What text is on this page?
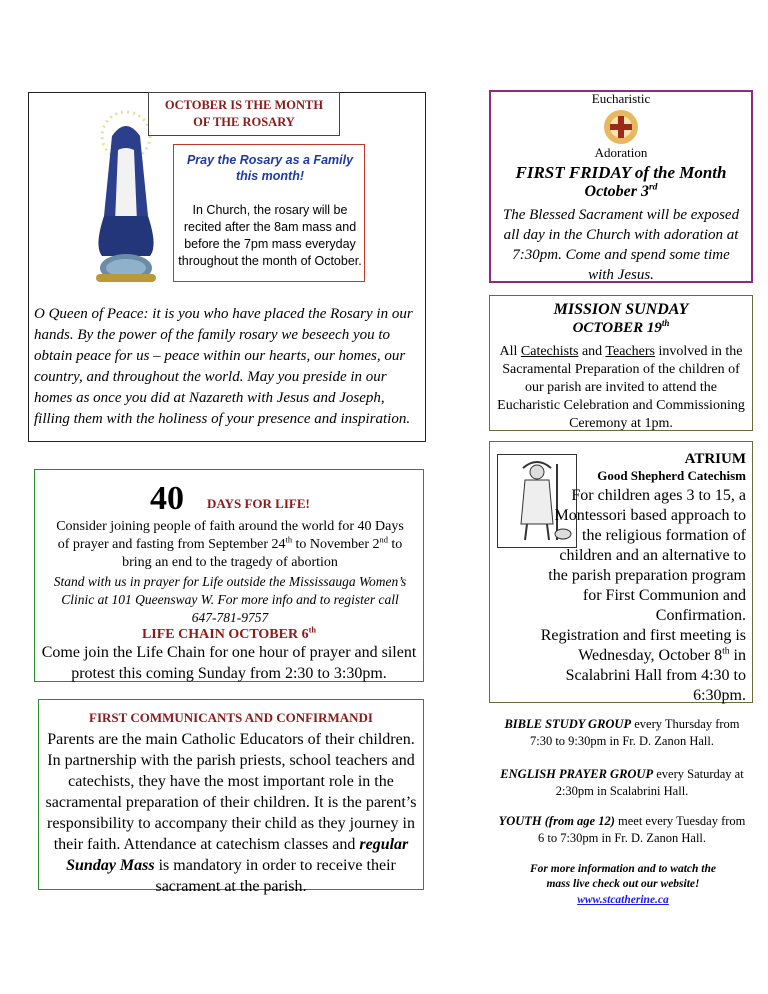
OCTOBER IS THE MONTH
OF THE ROSARY
Pray the Rosary as a Family this month!
In Church, the rosary will be recited after the 8am mass and before the 7pm mass everyday throughout the month of October.
O Queen of Peace: it is you who have placed the Rosary in our hands. By the power of the family rosary we beseech you to obtain peace for us – peace within our hearts, our homes, our country, and throughout the world. May you preside in our homes as once you did at Nazareth with Jesus and Joseph, filling them with the holiness of your presence and inspiration.
Eucharistic
Adoration
FIRST FRIDAY of the Month
October 3rd
The Blessed Sacrament will be exposed all day in the Church with adoration at 7:30pm. Come and spend some time with Jesus.
MISSION SUNDAY
OCTOBER 19th
All Catechists and Teachers involved in the Sacramental Preparation of the children of our parish are invited to attend the Eucharistic Celebration and Commissioning Ceremony at 1pm.
ATRIUM
Good Shepherd Catechism
For children ages 3 to 15, a Montessori based approach to the religious formation of children and an alternative to the parish preparation program for First Communion and Confirmation.
Registration and first meeting is Wednesday, October 8th in Scalabrini Hall from 4:30 to 6:30pm.
BIBLE STUDY GROUP every Thursday from 7:30 to 9:30pm in Fr. D. Zanon Hall.
ENGLISH PRAYER GROUP every Saturday at 2:30pm in Scalabrini Hall.
YOUTH (from age 12) meet every Tuesday from 6 to 7:30pm in Fr. D. Zanon Hall.
For more information and to watch the mass live check out our website!
www.stcatherine.ca
40 DAYS FOR LIFE!
Consider joining people of faith around the world for 40 Days of prayer and fasting from September 24th to November 2nd to bring an end to the tragedy of abortion
Stand with us in prayer for Life outside the Mississauga Women’s Clinic at 101 Queensway W. For more info and to register call 647-781-9757
LIFE CHAIN OCTOBER 6th
Come join the Life Chain for one hour of prayer and silent protest this coming Sunday from 2:30 to 3:30pm.
FIRST COMMUNICANTS AND CONFIRMANDI
Parents are the main Catholic Educators of their children. In partnership with the parish priests, school teachers and catechists, they have the most important role in the sacramental preparation of their children. It is the parent’s responsibility to accompany their child as they journey in their faith. Attendance at catechism classes and regular Sunday Mass is mandatory in order to receive their sacrament at the parish.
